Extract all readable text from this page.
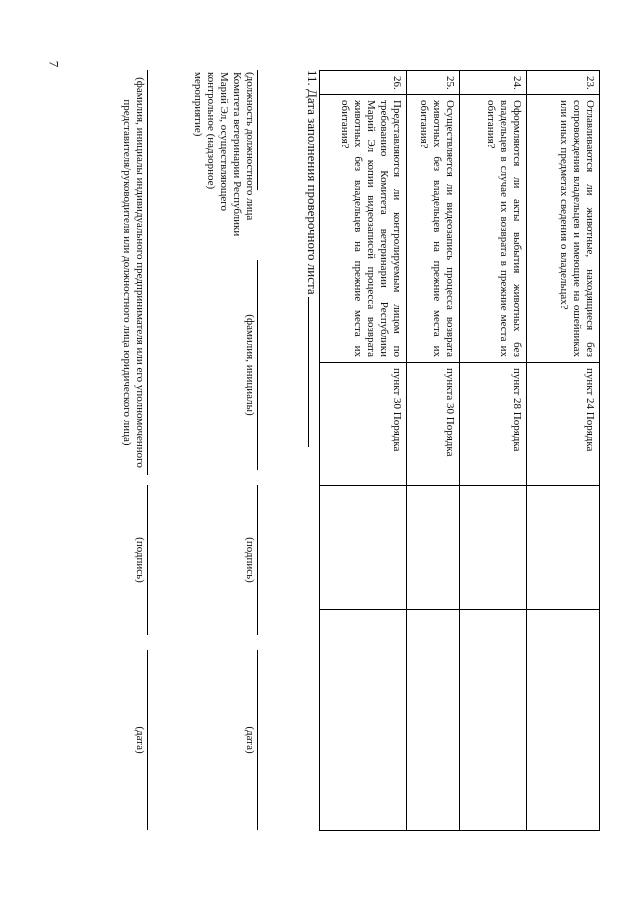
7
23.	Отлавливаются ли животные, находящиеся без сопровождения владельцев и имеющие на ошейниках или иных предметах сведения о владельцах?	пункт 24 Порядка		
24.	Оформляются ли акты выбытия животных без владельцев в случае их возврата в прежние места их обитания?	пункт 28 Порядка		
25.	Осуществляется ли видеозапись процесса возврата животных без владельцев на прежние места их обитания?	пункта 30 Порядка		
26.	Представляются ли контролируемым лицом по требованию Комитета ветеринарии Республики Марий Эл копии видеозаписей процесса возврата животных без владельцев на прежние места их обитания?	пункт 30 Порядка		
11. Дата заполнения проверочного листа
(должность должностного лица Комитета ветеринарии Республики Марий Эл, осуществляющего контрольное (надзорное) мероприятие)
(фамилия, инициалы)
(подпись)
(дата)
(фамилия, инициалы индивидуального предпринимателя или его уполномоченного представителя/руководителя или должностного лица юридического лица)
(подпись)
(дата)
